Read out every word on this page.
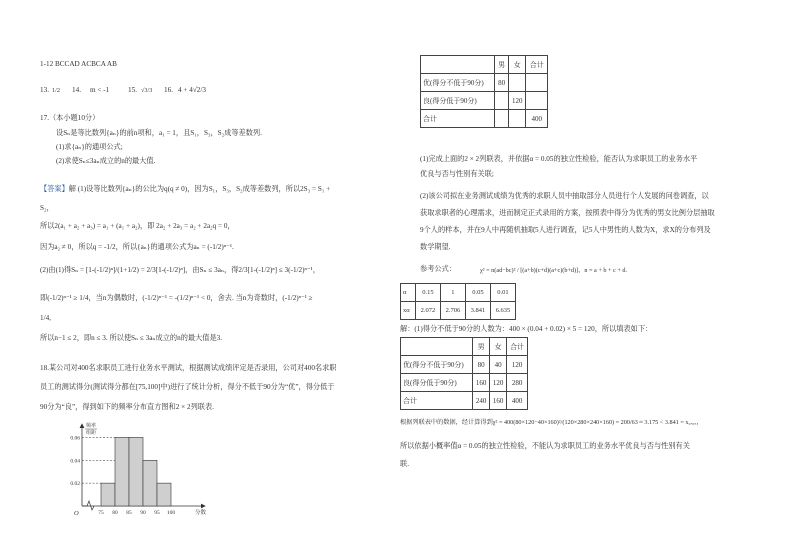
1-12 BCCAD ACBCA AB
13. 1/2 14. m < -1	15. √3/3 16. 4 + 4√2/3
17.（本小题10分）
设Sₙ是等比数列{aₙ}的前n项和，a₁ = 1，且S₁，S₃，S₂成等差数列.
(1)求{aₙ}的通项公式;
(2)求使Sₙ≤3aₙ成立的n的最大值.
【答案】解 (1)设等比数列{aₙ}的公比为q(q ≠ 0)，因为S₁，S₃，S₂成等差数列，所以2S₃ = S₁ +
S₂，
所以2(a₁ + a₂ + a₃) = a₁ + (a₁ + a₂)，即 2a₂ + 2a₃ = a₂ + 2a₂q = 0，
因为a₂ ≠ 0，所以q = -1/2，所以{aₙ}的通项公式为aₙ = (-1/2)ⁿ⁻¹.
(2)由(1)得Sₙ = [1-(-1/2)ⁿ]/(1+1/2) = 2/3[1-(-1/2)ⁿ]，由Sₙ ≤ 3aₙ，得2/3[1-(-1/2)ⁿ] ≤ 3(-1/2)ⁿ⁻¹，
即(-1/2)ⁿ⁻¹ ≥ 1/4，当n为偶数时，(-1/2)ⁿ⁻¹ = -(1/2)ⁿ⁻¹ < 0，舍去. 当n为奇数时，(-1/2)ⁿ⁻¹ ≥
1/4,
所以n−1 ≤ 2，即n ≤ 3. 所以使Sₙ ≤ 3aₙ成立的n的最大值是3.
18.某公司对400名求职员工进行业务水平测试，根据测试成绩评定是否录用，公司对400名求职
员工的测试得分(测试得分都在[75,100]中)进行了统计分析，得分不低于90分为“优”，得分低于
90分为“良”，得到如下的频率分布直方图和2 × 2列联表.
0.02
0.04
0.06
75 80 85 90 95 100
O	分数
频率
组距
	男	女	合计
优(得分不低于90分)	80		
良(得分低于90分)		120	
合计			400
(1)完成上面的2 × 2列联表，并依据α = 0.05的独立性检验，能否认为求职员工的业务水平
优良与否与性别有关联;
(2)该公司拟在业务测试成绩为优秀的求职人员中抽取部分人员进行个人发展的问卷调查，以
获取求职者的心理需求，进而制定正式录用的方案，按照表中得分为优秀的男女比例分层抽取
9个人的样本，并在9人中再随机抽取5人进行调查，记5人中男性的人数为X，求X的分布列及
数学期望.
参考公式：	χ² = n(ad−bc)² / [(a+b)(c+d)(a+c)(b+d)]，n = a + b + c + d.
α	0.15	1	0.05	0.01
xα	2.072	2.706	3.841	6.635
解：(1)得分不低于90分的人数为：400 × (0.04 + 0.02) × 5 = 120，所以填表如下：
	男	女	合计
优(得分不低于90分)	80	40	120
良(得分低于90分)	160	120	280
合计	240	160	400
根据列联表中的数据，经计算得到χ² = 400(80×120−40×160)²/(120×280×240×160) = 200/63 ≈ 3.175 < 3.841 = x₀.₀₅，
所以依据小概率值α = 0.05的独立性检验，不能认为求职员工的业务水平优良与否与性别有关
联.
